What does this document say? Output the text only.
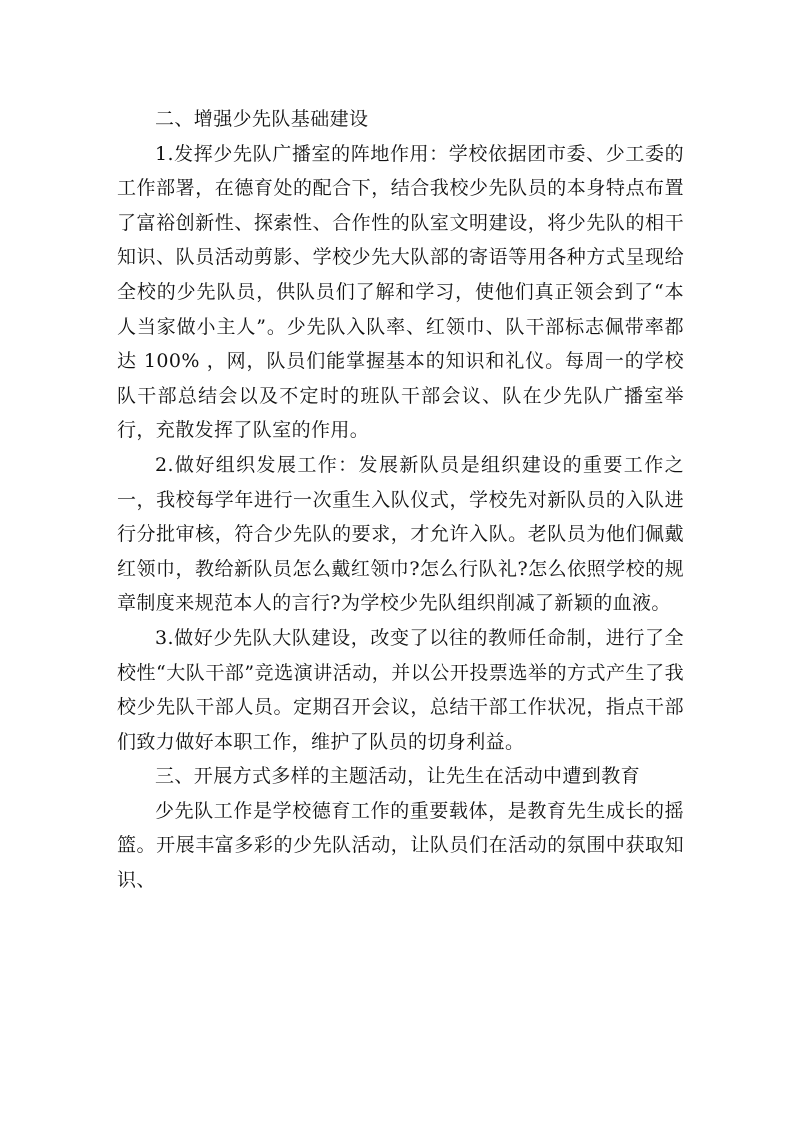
二、增强少先队基础建设

1.发挥少先队广播室的阵地作用：学校依据团市委、少工委的工作部署，在德育处的配合下，结合我校少先队员的本身特点布置了富裕创新性、探索性、合作性的队室文明建设，将少先队的相干知识、队员活动剪影、学校少先大队部的寄语等用各种方式呈现给全校的少先队员，供队员们了解和学习，使他们真正领会到了“本人当家做小主人”。少先队入队率、红领巾、队干部标志佩带率都达 100% ，网，队员们能掌握基本的知识和礼仪。每周一的学校队干部总结会以及不定时的班队干部会议、队在少先队广播室举行，充散发挥了队室的作用。

2.做好组织发展工作：发展新队员是组织建设的重要工作之一，我校每学年进行一次重生入队仪式，学校先对新队员的入队进行分批审核，符合少先队的要求，才允许入队。老队员为他们佩戴红领巾，教给新队员怎么戴红领巾?怎么行队礼?怎么依照学校的规章制度来规范本人的言行?为学校少先队组织削减了新颖的血液。

3.做好少先队大队建设，改变了以往的教师任命制，进行了全校性“大队干部”竞选演讲活动，并以公开投票选举的方式产生了我校少先队干部人员。定期召开会议，总结干部工作状况，指点干部们致力做好本职工作，维护了队员的切身利益。

三、开展方式多样的主题活动，让先生在活动中遭到教育

少先队工作是学校德育工作的重要载体，是教育先生成长的摇篮。开展丰富多彩的少先队活动，让队员们在活动的氛围中获取知识、
